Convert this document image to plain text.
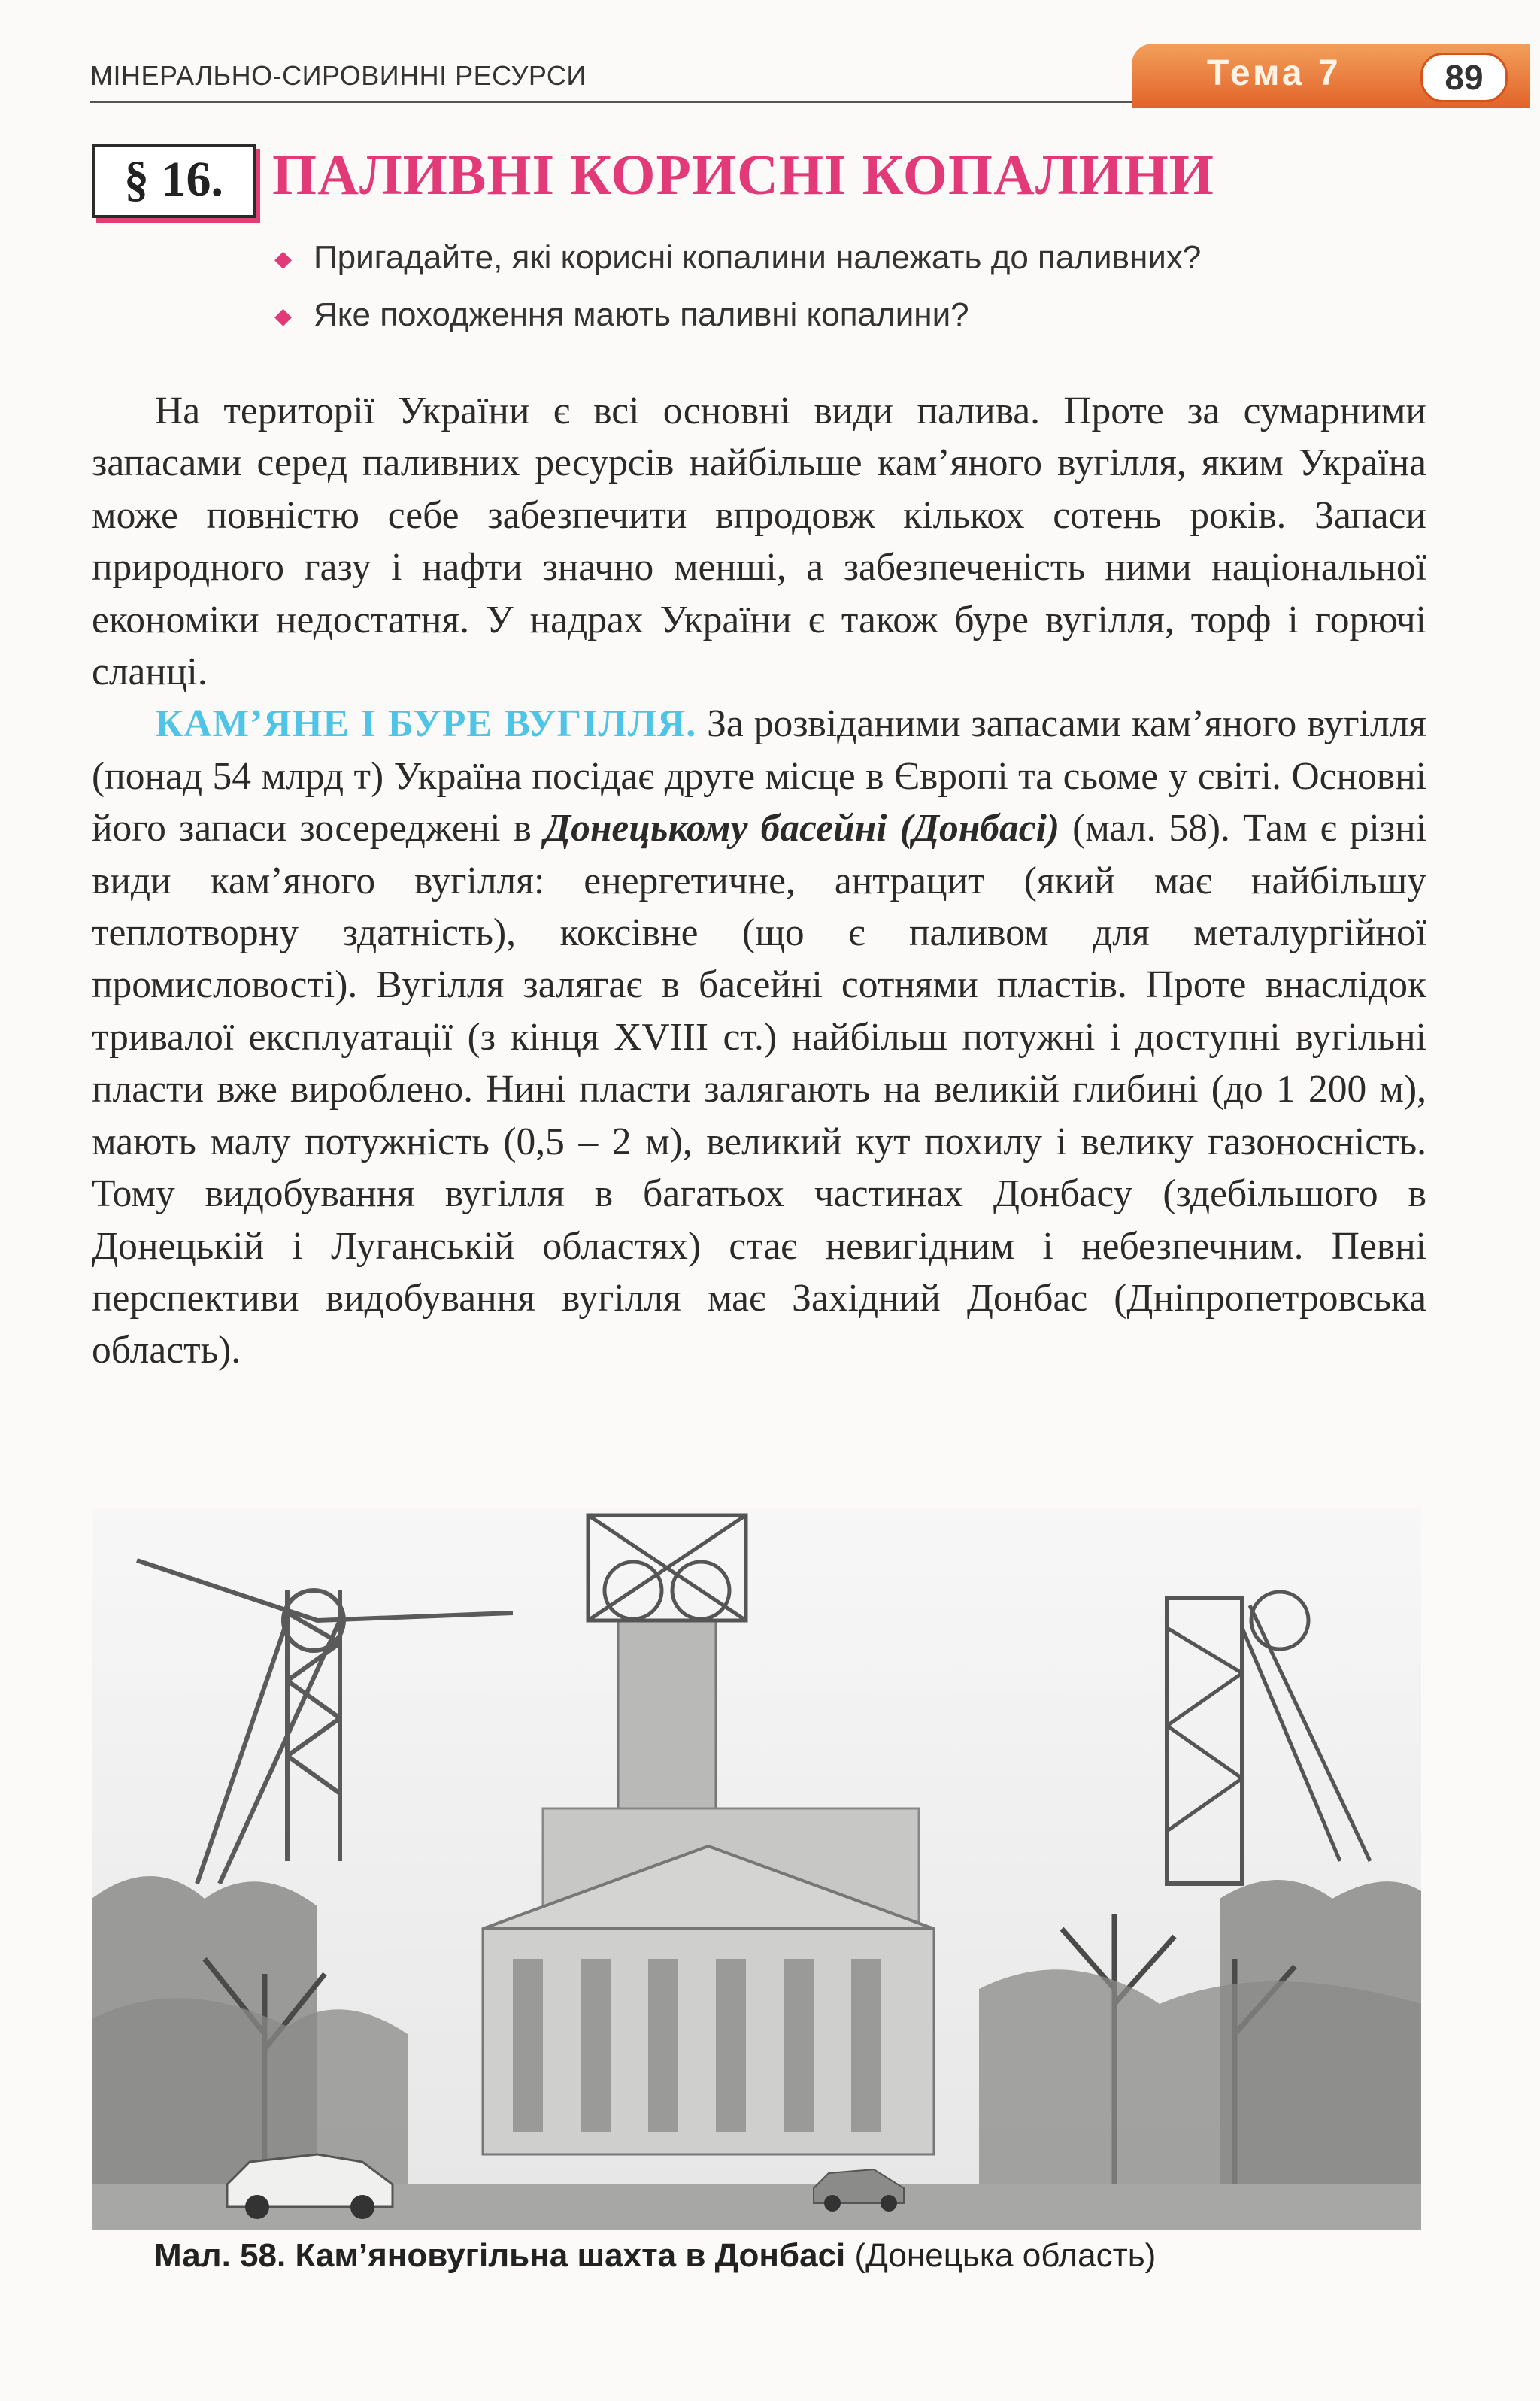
МІНЕРАЛЬНО-СИРОВИННІ РЕСУРСИ	Тема 7	89
§ 16. ПАЛИВНІ КОРИСНІ КОПАЛИНИ
◆ Пригадайте, які корисні копалини належать до паливних?
◆ Яке походження мають паливні копалини?

На території України є всі основні види палива. Проте за сумарними запасами серед паливних ресурсів найбільше кам’яного вугілля, яким Україна може повністю себе забезпечити впродовж кількох сотень років. Запаси природного газу і нафти значно менші, а забезпеченість ними національної економіки недостатня. У надрах України є також буре вугілля, торф і горючі сланці.

КАМ’ЯНЕ І БУРЕ ВУГІЛЛЯ. За розвіданими запасами кам’яного вугілля (понад 54 млрд т) Україна посідає друге місце в Європі та сьоме у світі. Основні його запаси зосереджені в Донецькому басейні (Донбасі) (мал. 58). Там є різні види кам’яного вугілля: енергетичне, антрацит (який має найбільшу теплотворну здатність), коксівне (що є паливом для металургійної промисловості). Вугілля залягає в басейні сотнями пластів. Проте внаслідок тривалої експлуатації (з кінця XVIII ст.) найбільш потужні і доступні вугільні пласти вже вироблено. Нині пласти залягають на великій глибині (до 1 200 м), мають малу потужність (0,5 – 2 м), великий кут похилу і велику газоносність. Тому видобування вугілля в багатьох частинах Донбасу (здебільшого в Донецькій і Луганській областях) стає невигідним і небезпечним. Певні перспективи видобування вугілля має Західний Донбас (Дніпропетровська область).

Мал. 58. Кам’яновугільна шахта в Донбасі (Донецька область)
